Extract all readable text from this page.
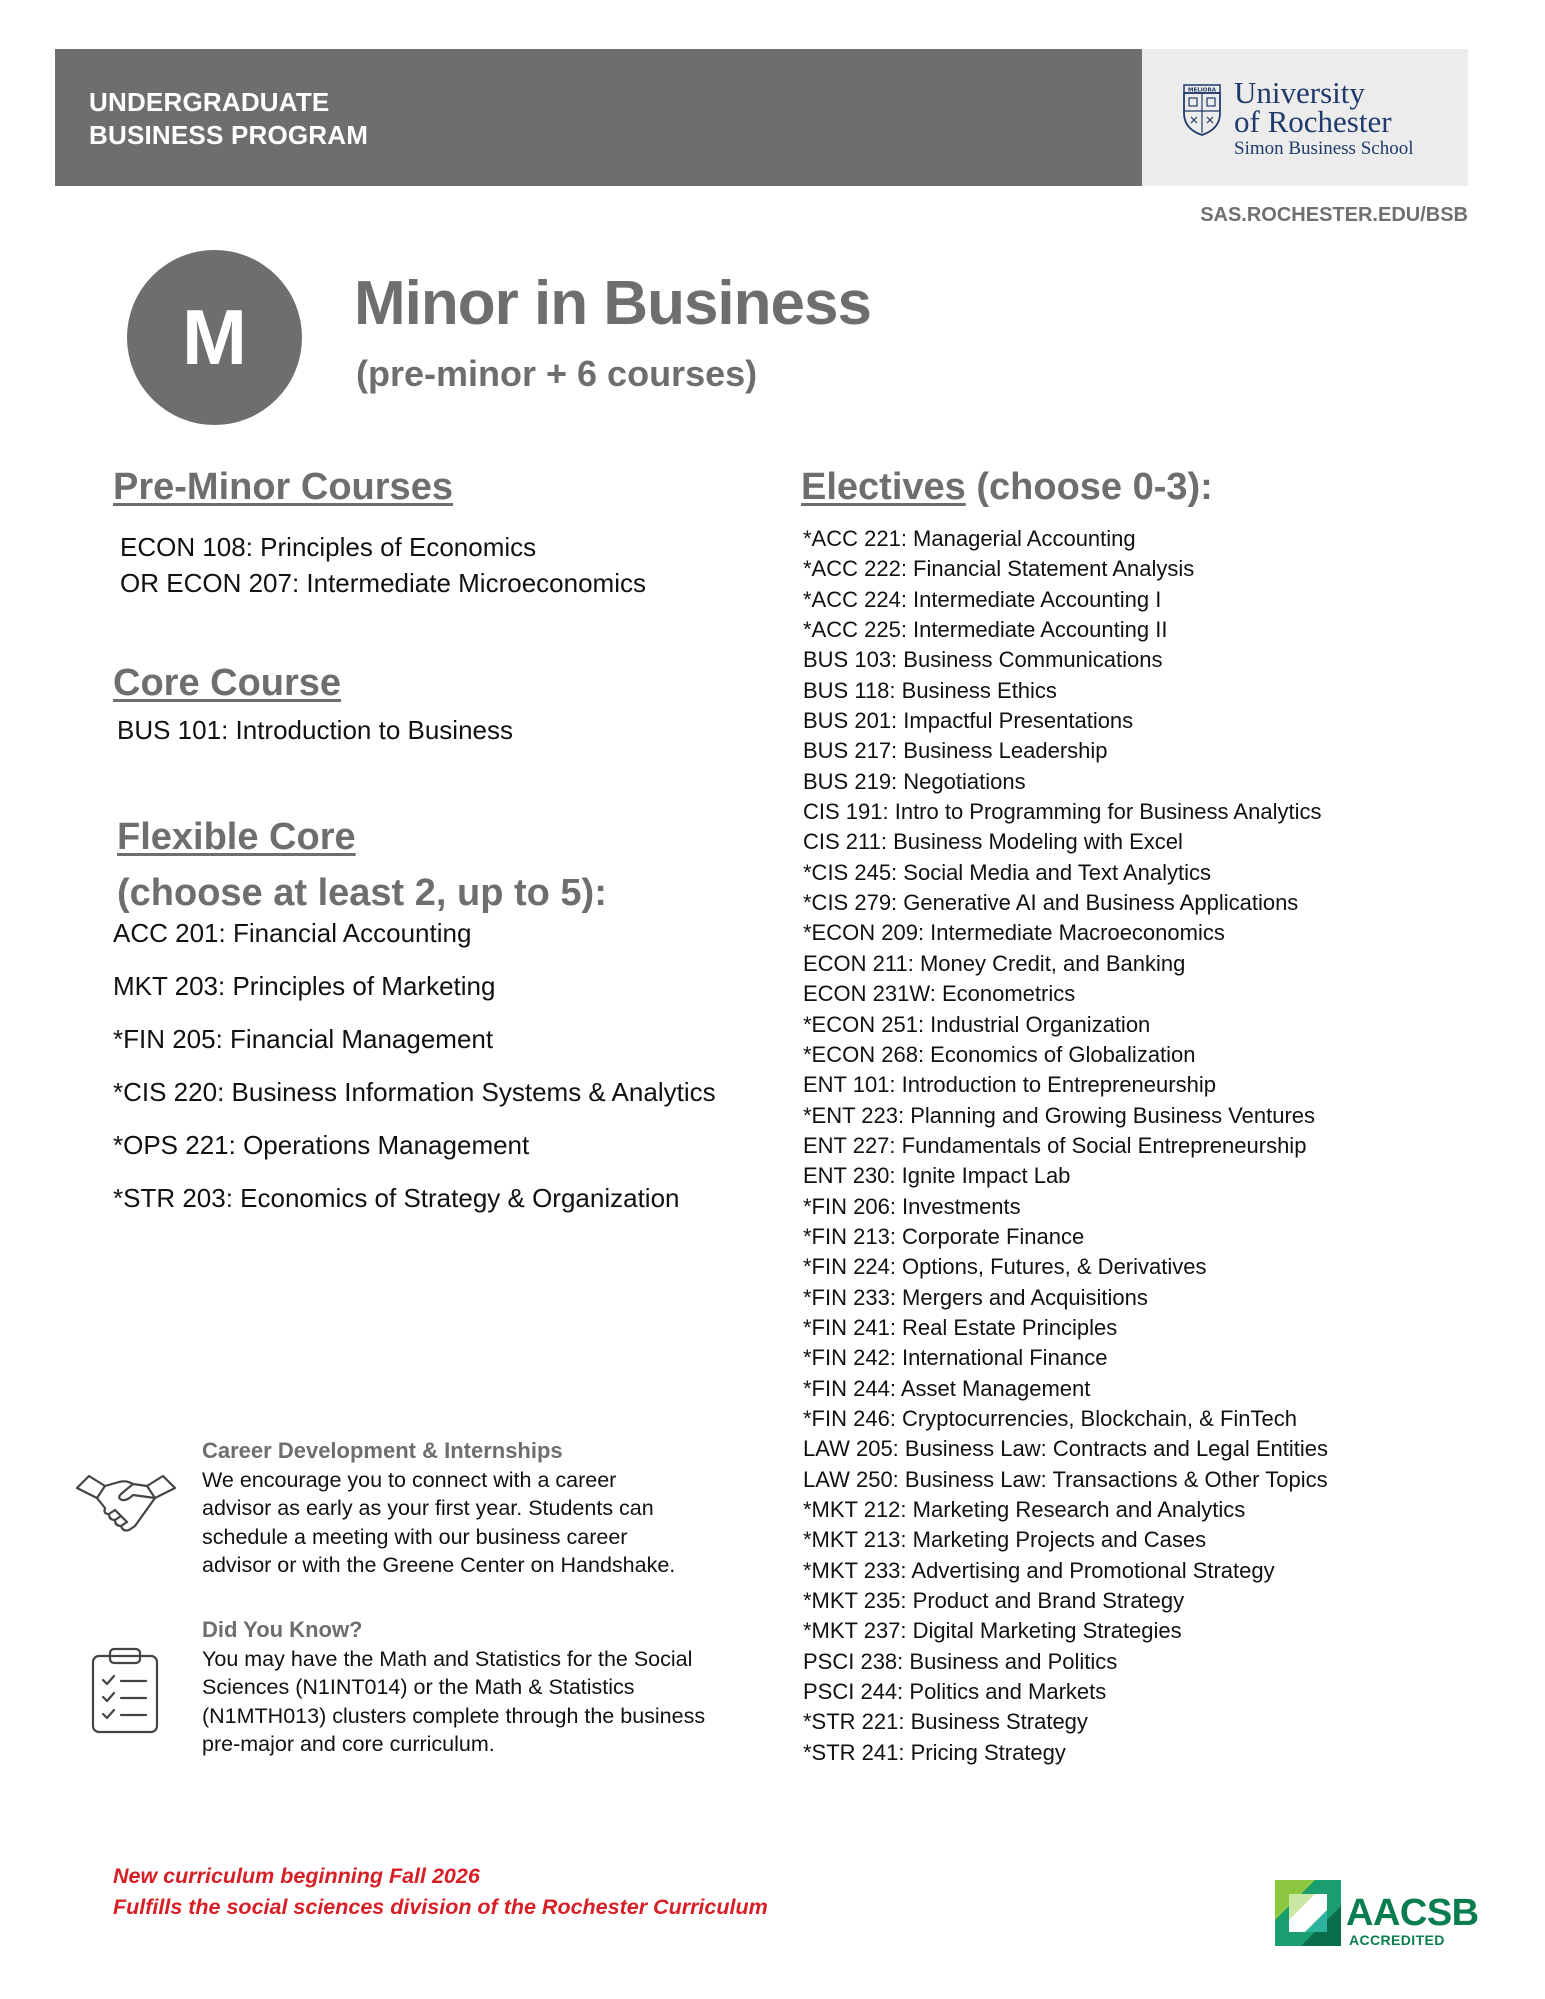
UNDERGRADUATE
BUSINESS PROGRAM
MELIORA University
of Rochester
Simon Business School
SAS.ROCHESTER.EDU/BSB
M	Minor in Business
(pre-minor + 6 courses)
Pre-Minor Courses
ECON 108: Principles of Economics
OR ECON 207: Intermediate Microeconomics
Core Course
BUS 101: Introduction to Business
Flexible Core
(choose at least 2, up to 5):
ACC 201: Financial Accounting
MKT 203: Principles of Marketing
*FIN 205: Financial Management
*CIS 220: Business Information Systems & Analytics
*OPS 221: Operations Management
*STR 203: Economics of Strategy & Organization
Electives (choose 0-3):
*ACC 221: Managerial Accounting
*ACC 222: Financial Statement Analysis
*ACC 224: Intermediate Accounting I
*ACC 225: Intermediate Accounting II
BUS 103: Business Communications
BUS 118: Business Ethics
BUS 201: Impactful Presentations
BUS 217: Business Leadership
BUS 219: Negotiations
CIS 191: Intro to Programming for Business Analytics
CIS 211: Business Modeling with Excel
*CIS 245: Social Media and Text Analytics
*CIS 279: Generative AI and Business Applications
*ECON 209: Intermediate Macroeconomics
ECON 211: Money Credit, and Banking
ECON 231W: Econometrics
*ECON 251: Industrial Organization
*ECON 268: Economics of Globalization
ENT 101: Introduction to Entrepreneurship
*ENT 223: Planning and Growing Business Ventures
ENT 227: Fundamentals of Social Entrepreneurship
ENT 230: Ignite Impact Lab
*FIN 206: Investments
*FIN 213: Corporate Finance
*FIN 224: Options, Futures, & Derivatives
*FIN 233: Mergers and Acquisitions
*FIN 241: Real Estate Principles
*FIN 242: International Finance
*FIN 244: Asset Management
*FIN 246: Cryptocurrencies, Blockchain, & FinTech
LAW 205: Business Law: Contracts and Legal Entities
LAW 250: Business Law: Transactions & Other Topics
*MKT 212: Marketing Research and Analytics
*MKT 213: Marketing Projects and Cases
*MKT 233: Advertising and Promotional Strategy
*MKT 235: Product and Brand Strategy
*MKT 237: Digital Marketing Strategies
PSCI 238: Business and Politics
PSCI 244: Politics and Markets
*STR 221: Business Strategy
*STR 241: Pricing Strategy
Career Development & Internships
We encourage you to connect with a career
advisor as early as your first year. Students can
schedule a meeting with our business career
advisor or with the Greene Center on Handshake.
Did You Know?
You may have the Math and Statistics for the Social
Sciences (N1INT014) or the Math & Statistics
(N1MTH013) clusters complete through the business
pre-major and core curriculum.
New curriculum beginning Fall 2026
Fulfills the social sciences division of the Rochester Curriculum	AACSB
ACCREDITED
